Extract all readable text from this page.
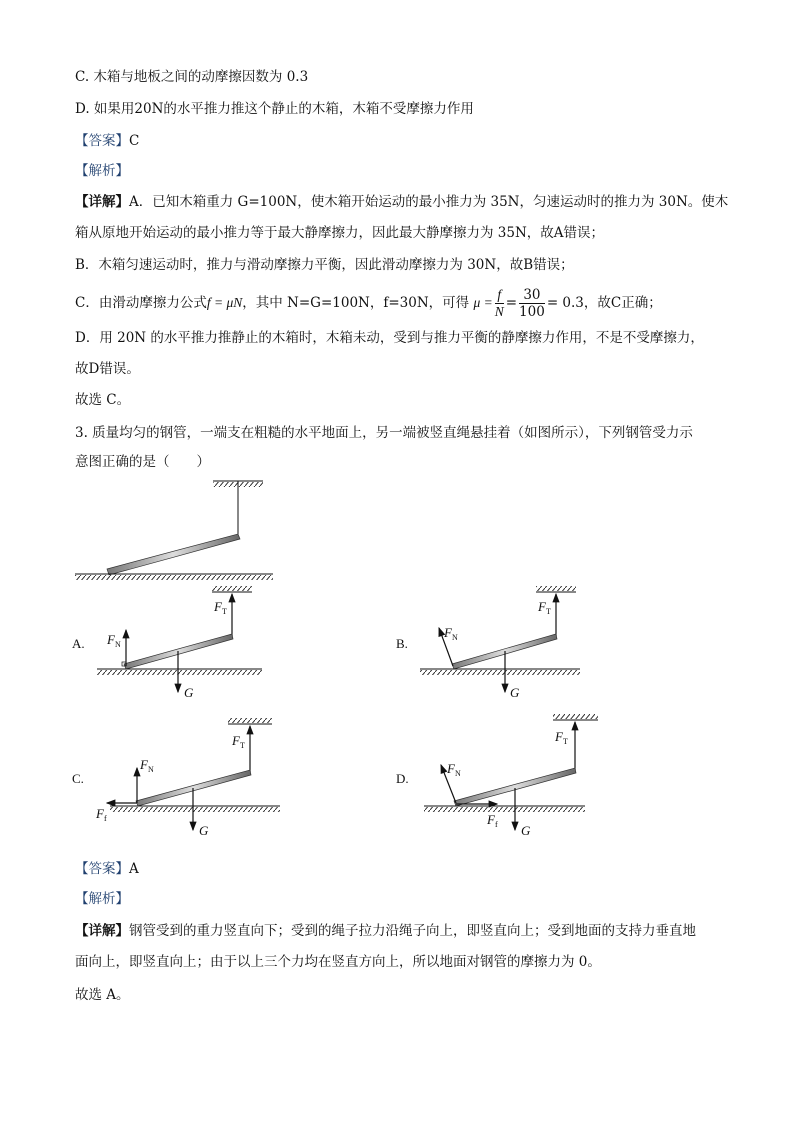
C. 木箱与地板之间的动摩擦因数为 0.3
D. 如果用20N的水平推力推这个静止的木箱，木箱不受摩擦力作用
【答案】C
【解析】
【详解】A．已知木箱重力 G=100N，使木箱开始运动的最小推力为 35N，匀速运动时的推力为 30N。使木
箱从原地开始运动的最小推力等于最大静摩擦力，因此最大静摩擦力为 35N，故A错误；
B．木箱匀速运动时，推力与滑动摩擦力平衡，因此滑动摩擦力为 30N，故B错误；
C．由滑动摩擦力公式f = μN，其中 N=G=100N，f=30N，可得 $\mu = \frac{f}{N} = \frac{30}{100} = 0.3$，故C正确；
D．用 20N 的水平推力推静止的木箱时，木箱未动，受到与推力平衡的静摩擦力作用，不是不受摩擦力，
故D错误。
故选 C。
3. 质量均匀的钢管，一端支在粗糙的水平地面上，另一端被竖直绳悬挂着（如图所示），下列钢管受力示
意图正确的是（　　）
A.
$F_T$
$F_N$
G
B.
$F_T$
$F_N$
G
C.
$F_T$
$F_N$
$F_f$
G
D.
$F_T$
$F_N$
$F_f$ G
【答案】A
【解析】
【详解】钢管受到的重力竖直向下；受到的绳子拉力沿绳子向上，即竖直向上；受到地面的支持力垂直地
面向上，即竖直向上；由于以上三个力均在竖直方向上，所以地面对钢管的摩擦力为 0。
故选 A。
